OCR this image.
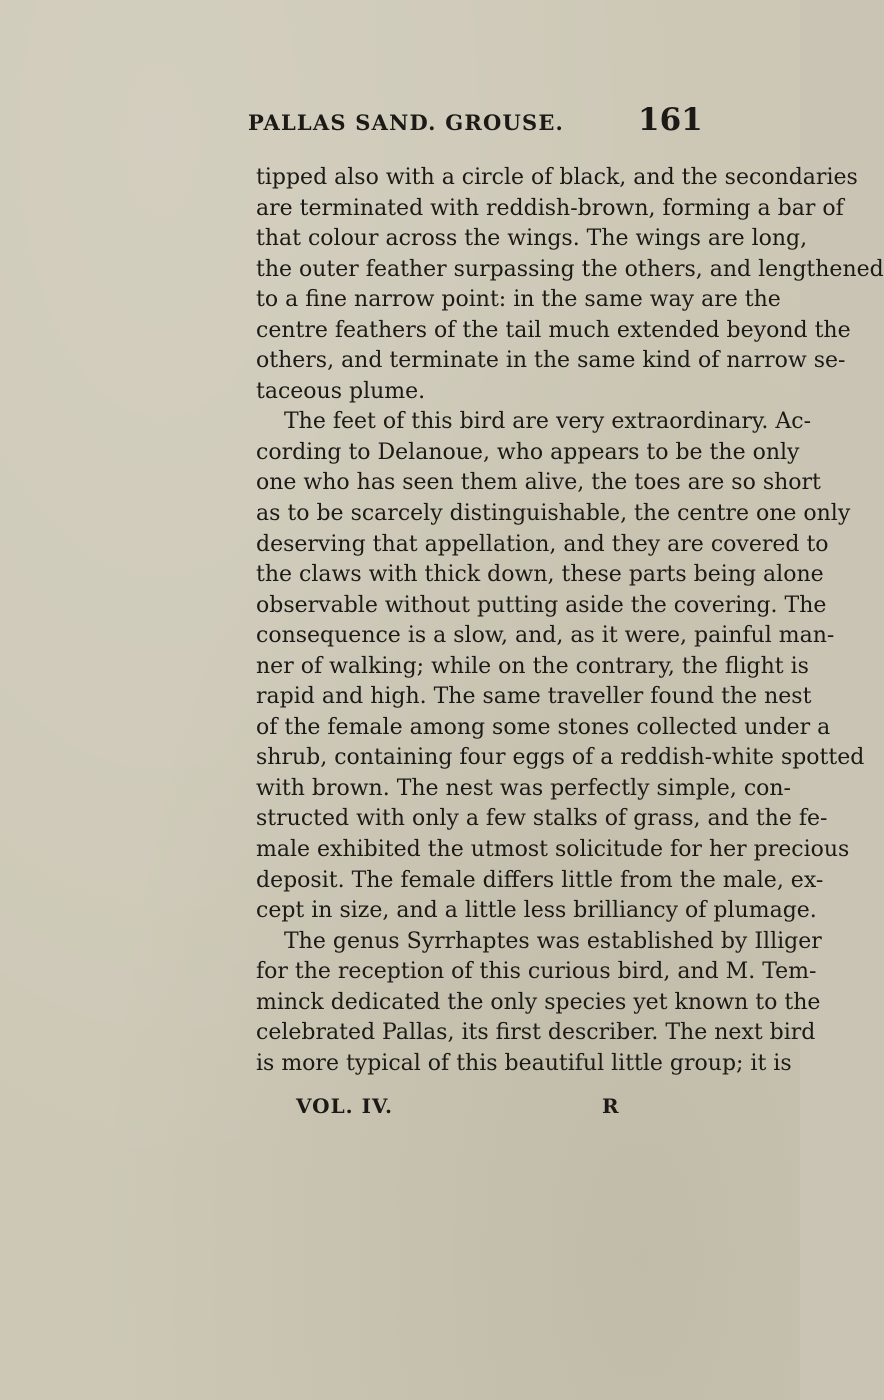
PALLAS SAND. GROUSE. 161
tipped also with a circle of black, and the secondaries
are terminated with reddish-brown, forming a bar of
that colour across the wings. The wings are long,
the outer feather surpassing the others, and lengthened
to a fine narrow point: in the same way are the
centre feathers of the tail much extended beyond the
others, and terminate in the same kind of narrow se-
taceous plume.
The feet of this bird are very extraordinary. Ac-
cording to Delanoue, who appears to be the only
one who has seen them alive, the toes are so short
as to be scarcely distinguishable, the centre one only
deserving that appellation, and they are covered to
the claws with thick down, these parts being alone
observable without putting aside the covering. The
consequence is a slow, and, as it were, painful man-
ner of walking; while on the contrary, the flight is
rapid and high. The same traveller found the nest
of the female among some stones collected under a
shrub, containing four eggs of a reddish-white spotted
with brown. The nest was perfectly simple, con-
structed with only a few stalks of grass, and the fe-
male exhibited the utmost solicitude for her precious
deposit. The female differs little from the male, ex-
cept in size, and a little less brilliancy of plumage.
The genus Syrrhaptes was established by Illiger
for the reception of this curious bird, and M. Tem-
minck dedicated the only species yet known to the
celebrated Pallas, its first describer. The next bird
is more typical of this beautiful little group; it is
VOL. IV.	R
